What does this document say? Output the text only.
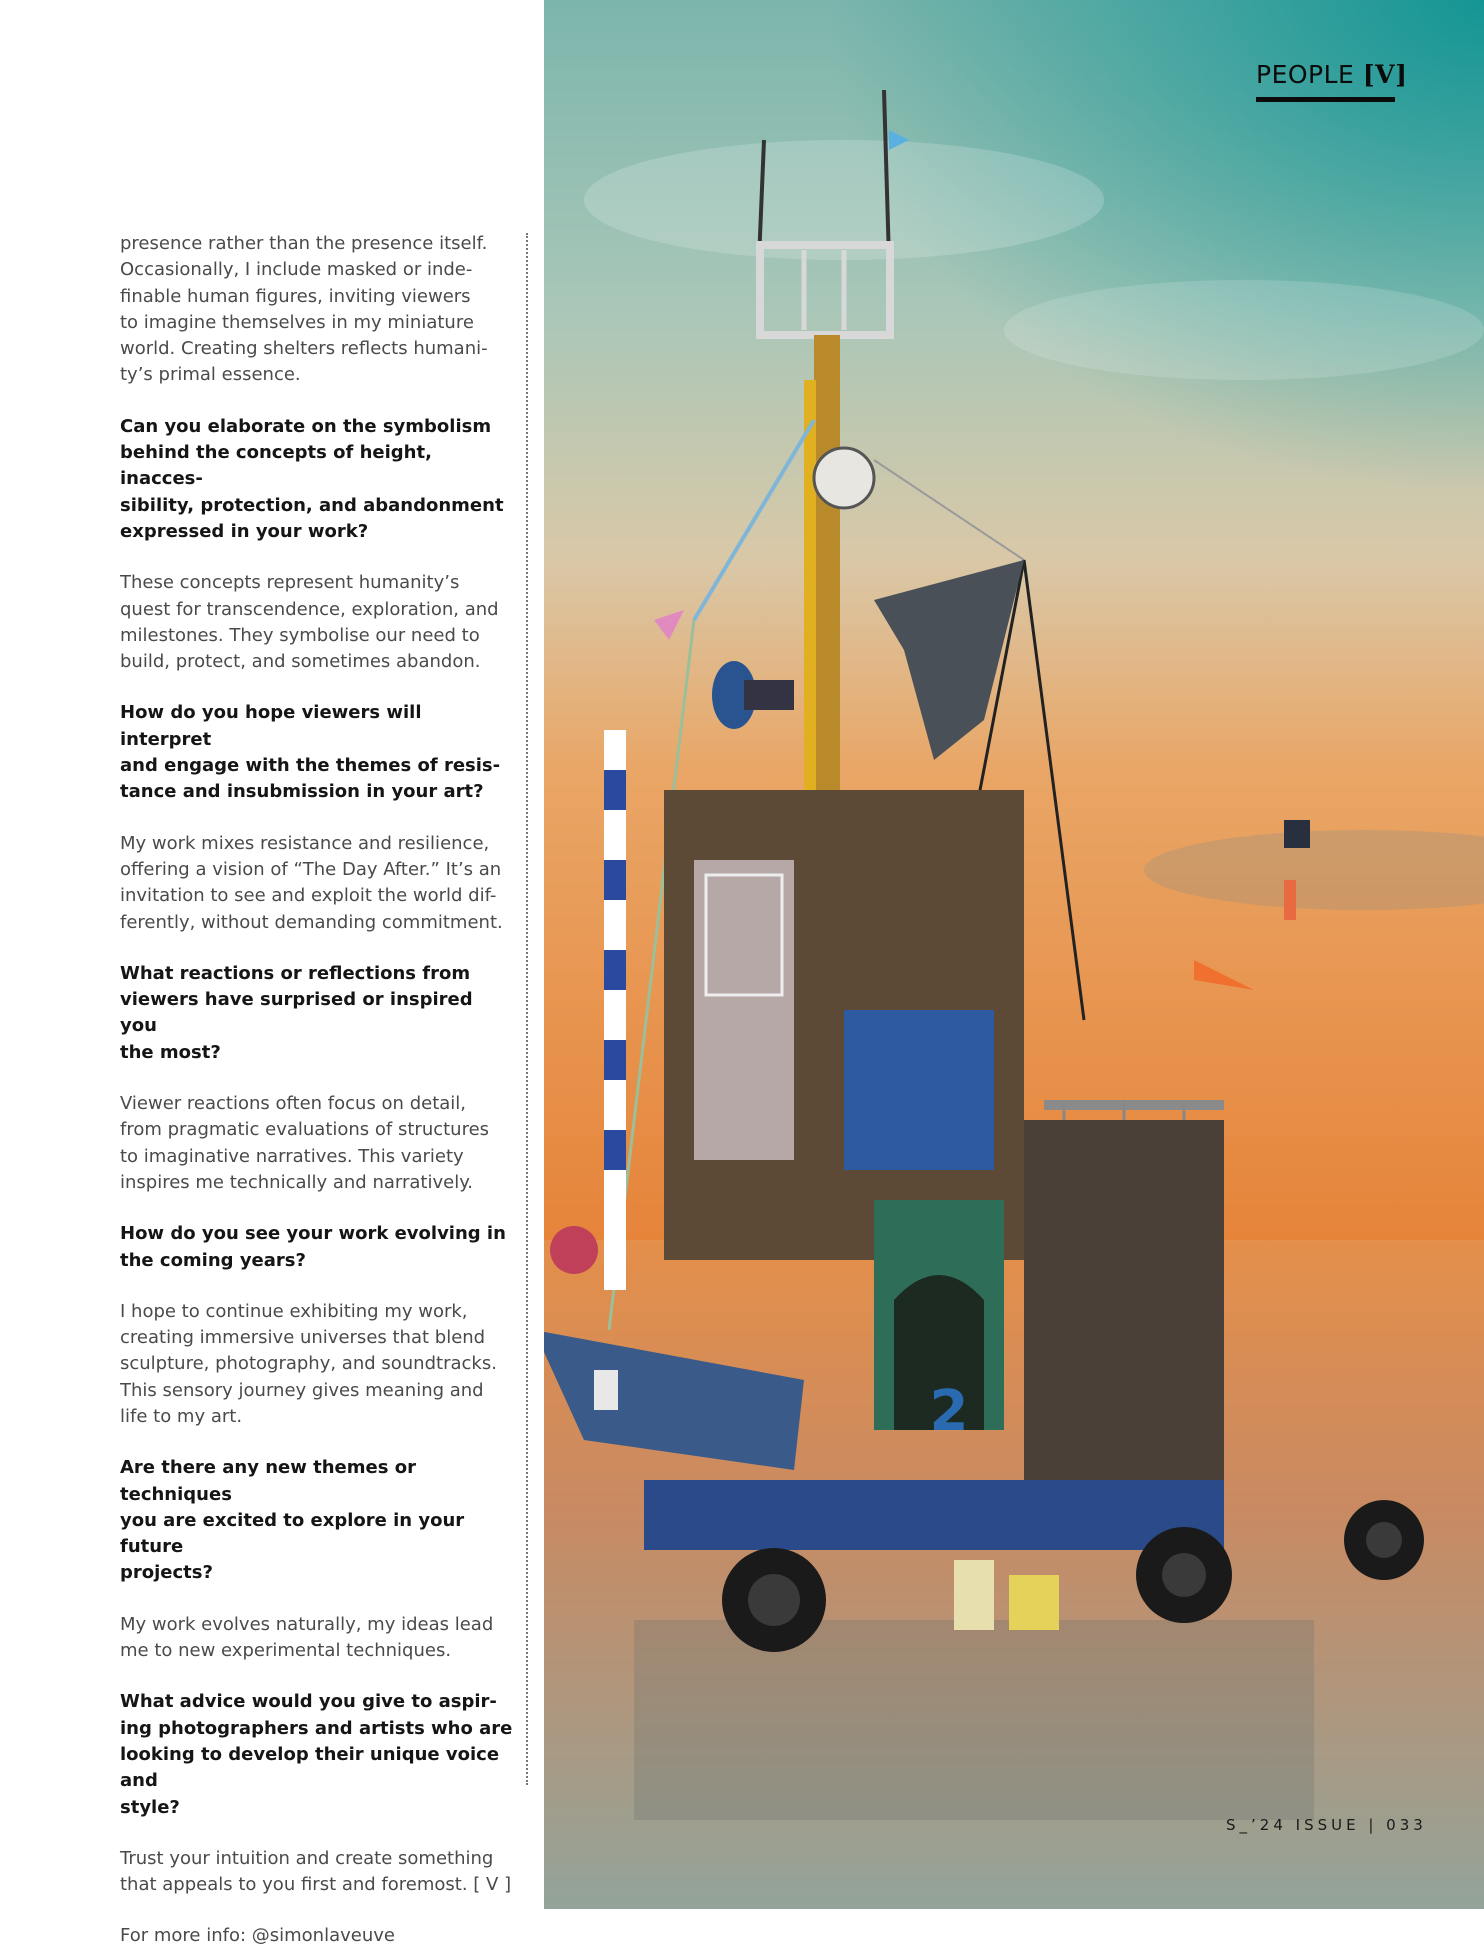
presence rather than the presence itself.
Occasionally, I include masked or inde-
finable human figures, inviting viewers
to imagine themselves in my miniature
world. Creating shelters reflects humani-
ty’s primal essence.

Can you elaborate on the symbolism
behind the concepts of height, inacces-
sibility, protection, and abandonment
expressed in your work?

These concepts represent humanity’s
quest for transcendence, exploration, and
milestones. They symbolise our need to
build, protect, and sometimes abandon.

How do you hope viewers will interpret
and engage with the themes of resis-
tance and insubmission in your art?

My work mixes resistance and resilience,
offering a vision of “The Day After.” It’s an
invitation to see and exploit the world dif-
ferently, without demanding commitment.

What reactions or reflections from
viewers have surprised or inspired you
the most?

Viewer reactions often focus on detail,
from pragmatic evaluations of structures
to imaginative narratives. This variety
inspires me technically and narratively.

How do you see your work evolving in
the coming years?

I hope to continue exhibiting my work,
creating immersive universes that blend
sculpture, photography, and soundtracks.
This sensory journey gives meaning and
life to my art.

Are there any new themes or techniques
you are excited to explore in your future
projects?

My work evolves naturally, my ideas lead
me to new experimental techniques.

What advice would you give to aspir-
ing photographers and artists who are
looking to develop their unique voice and
style?

Trust your intuition and create something
that appeals to you first and foremost. [ V ]

For more info: @simonlaveuve

2
PEOPLE [V]
S_’24 ISSUE | 033
